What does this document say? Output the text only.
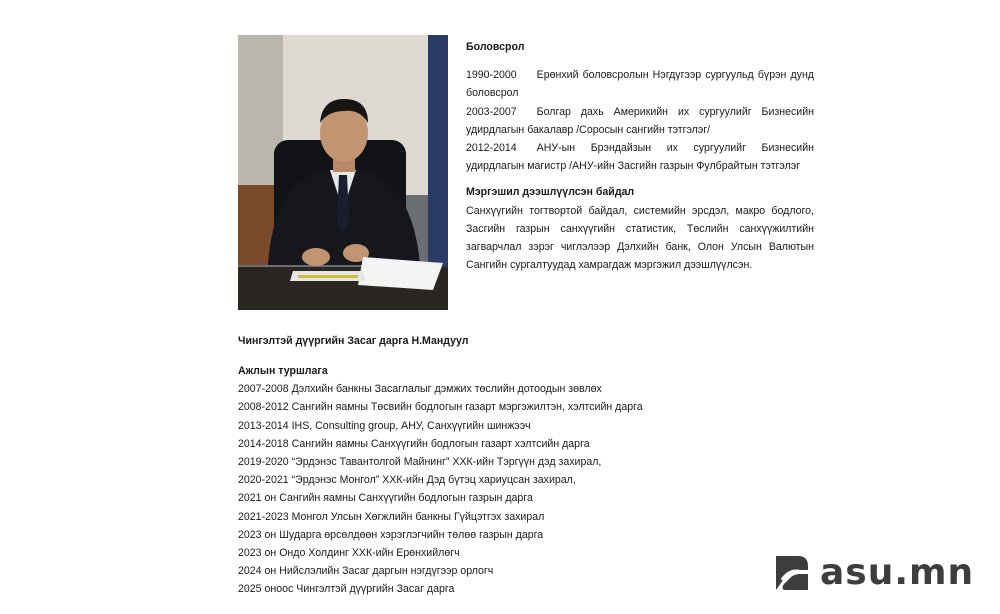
Боловсрол
1990-2000 Ерөнхий боловсролын Нэгдүгээр сургуульд бүрэн дунд боловсрол
2003-2007 Болгар дахь Америкийн их сургуулийг Бизнесийн удирдлагын бакалавр /Соросын сангийн тэтгэлэг/
2012-2014 АНУ-ын Брэндайзын их сургуулийг Бизнесийн удирдлагын магистр /АНУ-ийн Засгийн газрын Фулбрайтын тэтгэлэг
Мэргэшил дээшлүүлсэн байдал
Санхүүгийн тогтвортой байдал, системийн эрсдэл, макро бодлого, Засгийн газрын санхүүгийн статистик, Төслийн санхүүжилтийн загварчлал зэрэг чиглэлээр Дэлхийн банк, Олон Улсын Валютын Сангийн сургалтуудад хамрагдаж мэргэжил дээшлүүлсэн.
Чингэлтэй дүүргийн Засаг дарга Н.Мандуул
Ажлын туршлага
2007-2008 Дэлхийн банкны Засаглалыг дэмжих төслийн дотоодын зөвлөх
2008-2012 Сангийн яамны Төсвийн бодлогын газарт мэргэжилтэн, хэлтсийн дарга
2013-2014 IHS, Consulting group, АНУ, Санхүүгийн шинжээч
2014-2018 Сангийн яамны Санхүүгийн бодлогын газарт хэлтсийн дарга
2019-2020 “Эрдэнэс Тавантолгой Майнинг” ХХК-ийн Тэргүүн дэд захирал,
2020-2021 “Эрдэнэс Монгол” ХХК-ийн Дэд бүтэц хариуцсан захирал,
2021 он Сангийн яамны Санхүүгийн бодлогын газрын дарга
2021-2023 Монгол Улсын Хөгжлийн банкны Гүйцэтгэх захирал
2023 он Шударга өрсөлдөөн хэрэглэгчийн төлөө газрын дарга
2023 он Ондо Холдинг ХХК-ийн Ерөнхийлөгч
2024 он Нийслэлийн Засаг даргын нэгдүгээр орлогч
2025 оноос Чингэлтэй дүүргийн Засаг дарга	asu.mn
